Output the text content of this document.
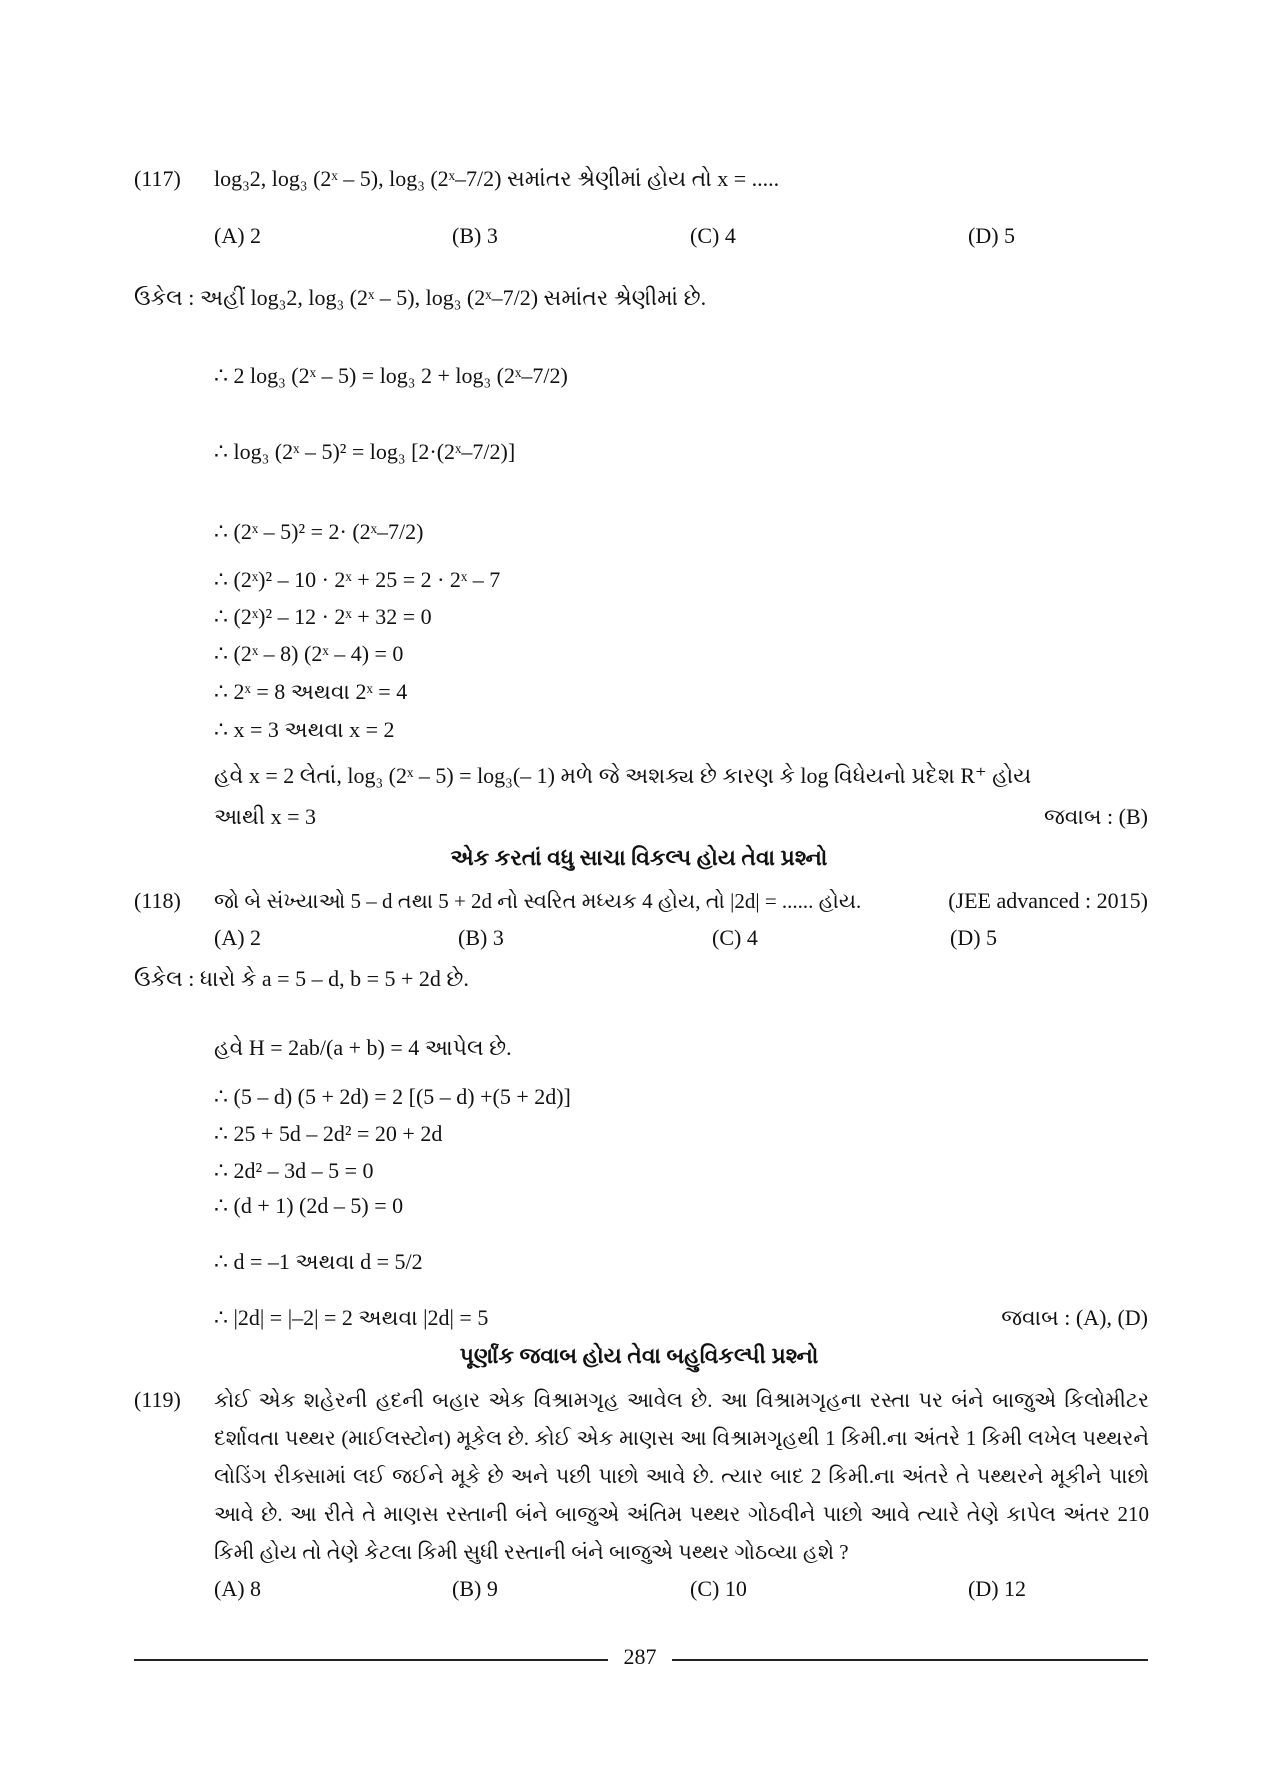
(117) log₃2, log₃ (2ˣ – 5), log₃ (2ˣ–7/2) સમાંતર શ્રેણીમાં હોય તો x = .....
(A) 2	(B) 3	(C) 4	(D) 5
ઉકેલ : અહીં log₃2, log₃ (2ˣ – 5), log₃ (2ˣ–7/2) સમાંતર શ્રેણીમાં છે.
∴ 2 log₃ (2ˣ – 5) = log₃ 2 + log₃ (2ˣ–7/2)
∴ log₃ (2ˣ – 5)² = log₃ [2·(2ˣ–7/2)]
∴ (2ˣ – 5)² = 2· (2ˣ–7/2)
∴ (2ˣ)² – 10 · 2ˣ + 25 = 2 · 2ˣ – 7
∴ (2ˣ)² – 12 · 2ˣ + 32 = 0
∴ (2ˣ – 8) (2ˣ – 4) = 0
∴ 2ˣ = 8 અથવા 2ˣ = 4
∴ x = 3 અથવા x = 2
હવે x = 2 લેતાં, log₃ (2ˣ – 5) = log₃(– 1) મળે જે અશક્ય છે કારણ કે log વિધેયનો પ્રદેશ R⁺ હોય
આથી x = 3	જવાબ : (B)
એક કરતાં વધુ સાચા વિકલ્પ હોય તેવા પ્રશ્નો
(118) જો બે સંખ્યાઓ 5 – d તથા 5 + 2d નો સ્વરિત મધ્યક 4 હોય, તો |2d| = ...... હોય.	(JEE advanced : 2015)
(A) 2	(B) 3	(C) 4	(D) 5
ઉકેલ : ધારો કે a = 5 – d, b = 5 + 2d છે.
હવે H = 2ab/(a + b) = 4 આપેલ છે.
∴ (5 – d) (5 + 2d) = 2 [(5 – d) +(5 + 2d)]
∴ 25 + 5d – 2d² = 20 + 2d
∴ 2d² – 3d – 5 = 0
∴ (d + 1) (2d – 5) = 0
∴ d = –1 અથવા d = 5/2
∴ |2d| = |–2| = 2 અથવા |2d| = 5	જવાબ : (A), (D)
પૂર્ણાંક જવાબ હોય તેવા બહુવિકલ્પી પ્રશ્નો
(119) કોઈ એક શહેરની હદની બહાર એક વિશ્રામગૃહ આવેલ છે. આ વિશ્રામગૃહના રસ્તા પર બંને બાજુએ કિલોમીટર દર્શાવતા પથ્થર (માઈલસ્ટોન) મૂકેલ છે. કોઈ એક માણસ આ વિશ્રામગૃહથી 1 કિમી.ના અંતરે 1 કિમી લખેલ પથ્થરને લોડિંગ રીક્સામાં લઈ જઈને મૂકે છે અને પછી પાછો આવે છે. ત્યાર બાદ 2 કિમી.ના અંતરે તે પથ્થરને મૂકીને પાછો આવે છે. આ રીતે તે માણસ રસ્તાની બંને બાજુએ અંતિમ પથ્થર ગોઠવીને પાછો આવે ત્યારે તેણે કાપેલ અંતર 210 કિમી હોય તો તેણે કેટલા કિમી સુધી રસ્તાની બંને બાજુએ પથ્થર ગોઠવ્યા હશે ?
(A) 8	(B) 9	(C) 10	(D) 12
287
